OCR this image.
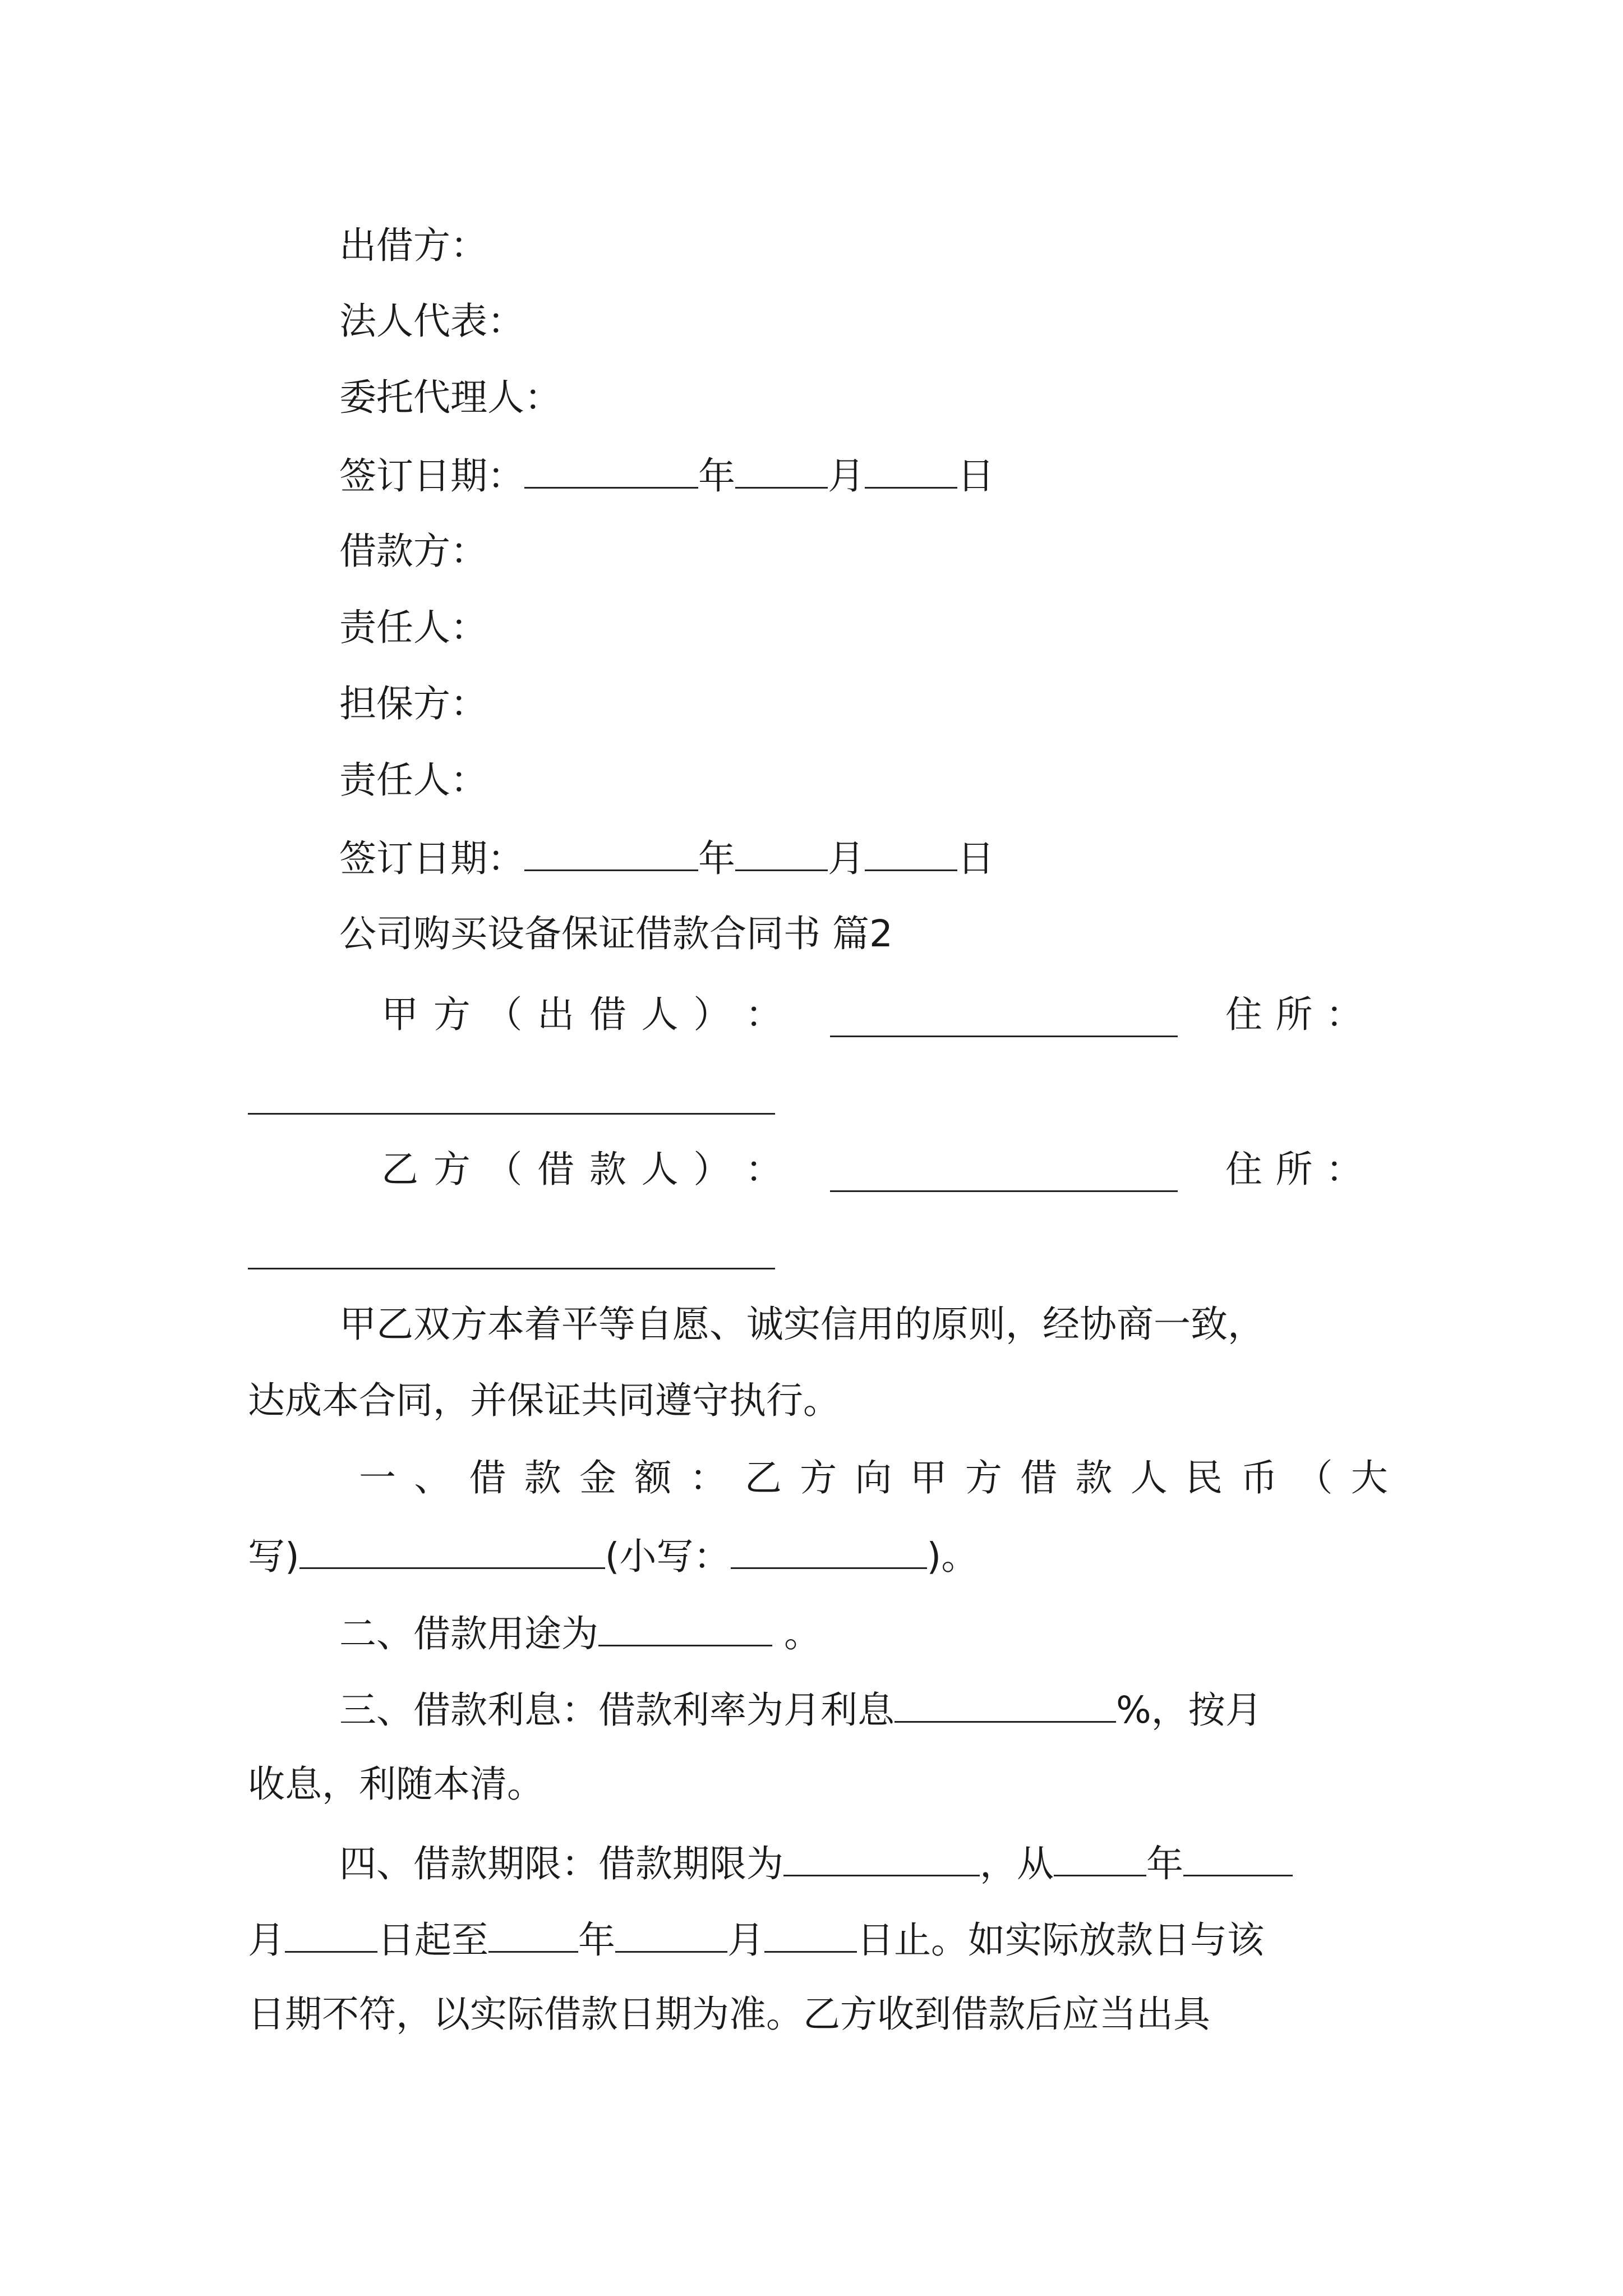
出借方：
法人代表：
委托代理人：
签订日期：	年	月	日
借款方：
责任人：
担保方：
责任人：
签订日期：	年	月	日
公司购买设备保证借款合同书 篇2
甲 方 （ 出 借 人 ） ：	住 所 ：
乙 方 （ 借 款 人 ） ：	住 所 ：
甲乙双方本着平等自愿、诚实信用的原则，经协商一致，
达成本合同，并保证共同遵守执行。
一 、 借 款 金 额 ： 乙 方 向 甲 方 借 款 人 民 币 （ 大
写)	(小写：	)。
二、借款用途为	。
三、借款利息：借款利率为月利息	%，按月
收息，利随本清。
四、借款期限：借款期限为	，从	年
月	日起至 年	月	日止。如实际放款日与该
日期不符，以实际借款日期为准。乙方收到借款后应当出具
